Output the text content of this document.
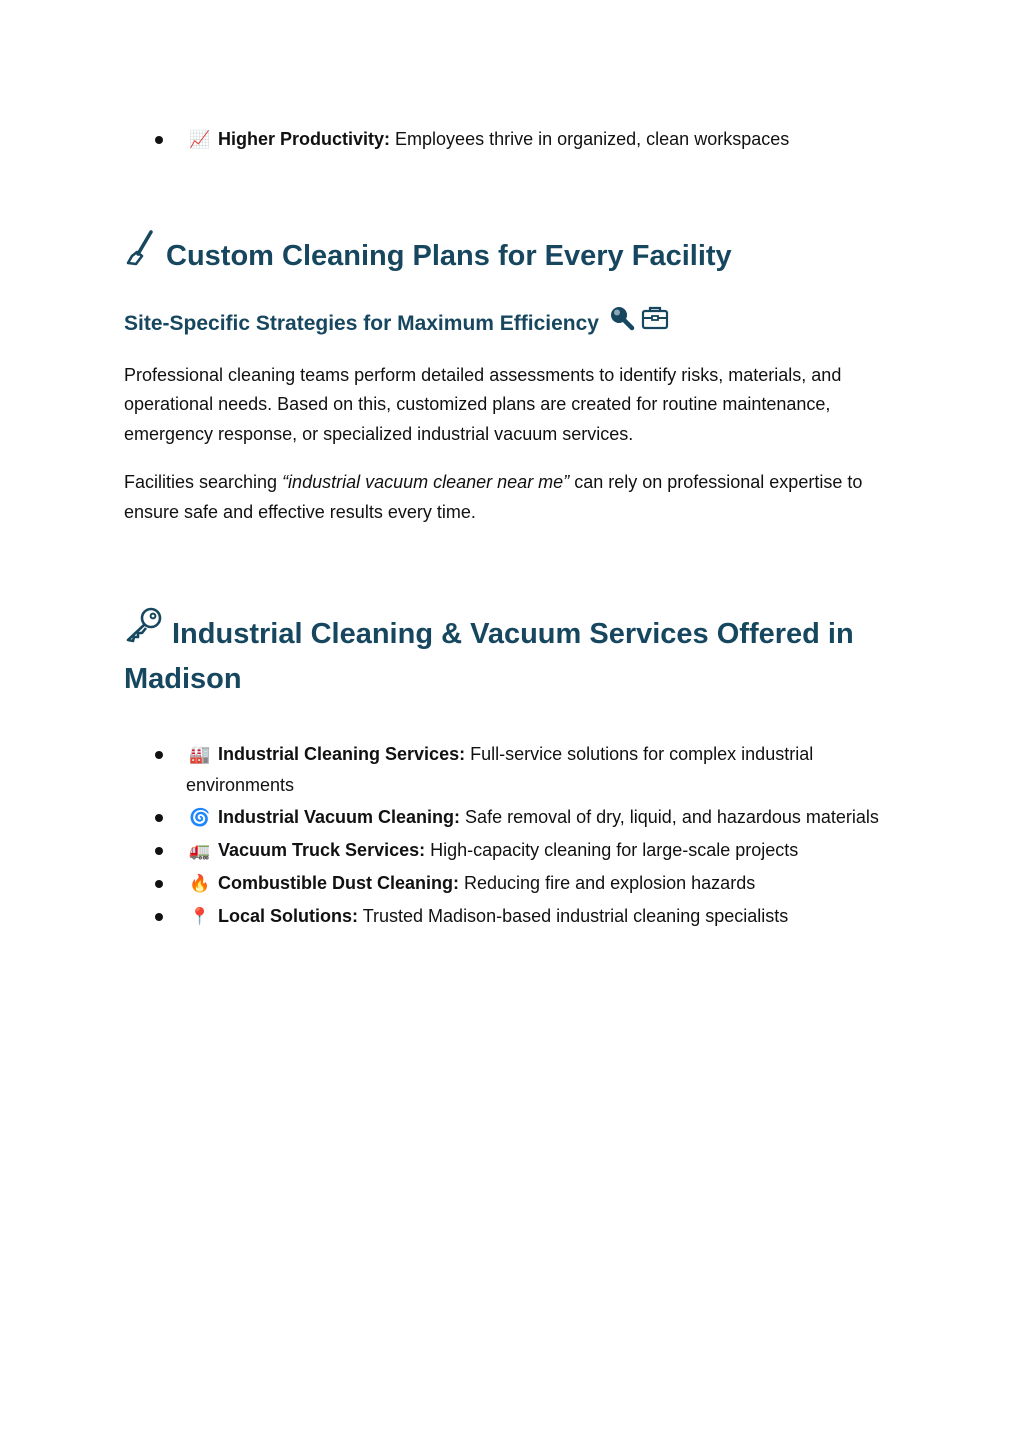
📈 Higher Productivity: Employees thrive in organized, clean workspaces
Custom Cleaning Plans for Every Facility
Site-Specific Strategies for Maximum Efficiency

Professional cleaning teams perform detailed assessments to identify risks, materials, and operational needs. Based on this, customized plans are created for routine maintenance, emergency response, or specialized industrial vacuum services.

Facilities searching “industrial vacuum cleaner near me” can rely on professional expertise to ensure safe and effective results every time.

Industrial Cleaning & Vacuum Services Offered in Madison
🏭 Industrial Cleaning Services: Full-service solutions for complex industrial environments
🌀 Industrial Vacuum Cleaning: Safe removal of dry, liquid, and hazardous materials
🚛 Vacuum Truck Services: High-capacity cleaning for large-scale projects
🔥 Combustible Dust Cleaning: Reducing fire and explosion hazards
📍 Local Solutions: Trusted Madison-based industrial cleaning specialists
